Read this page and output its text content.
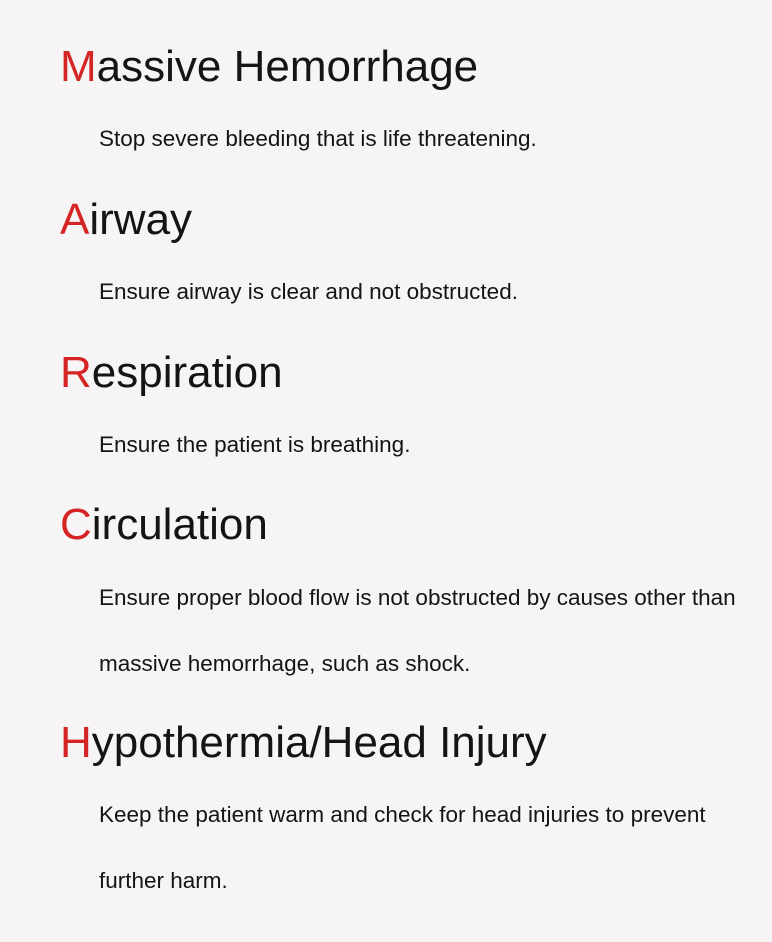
Massive Hemorrhage

Stop severe bleeding that is life threatening.

Airway

Ensure airway is clear and not obstructed.

Respiration

Ensure the patient is breathing.

Circulation

Ensure proper blood flow is not obstructed by causes other than massive hemorrhage, such as shock.

Hypothermia/Head Injury

Keep the patient warm and check for head injuries to prevent further harm.
